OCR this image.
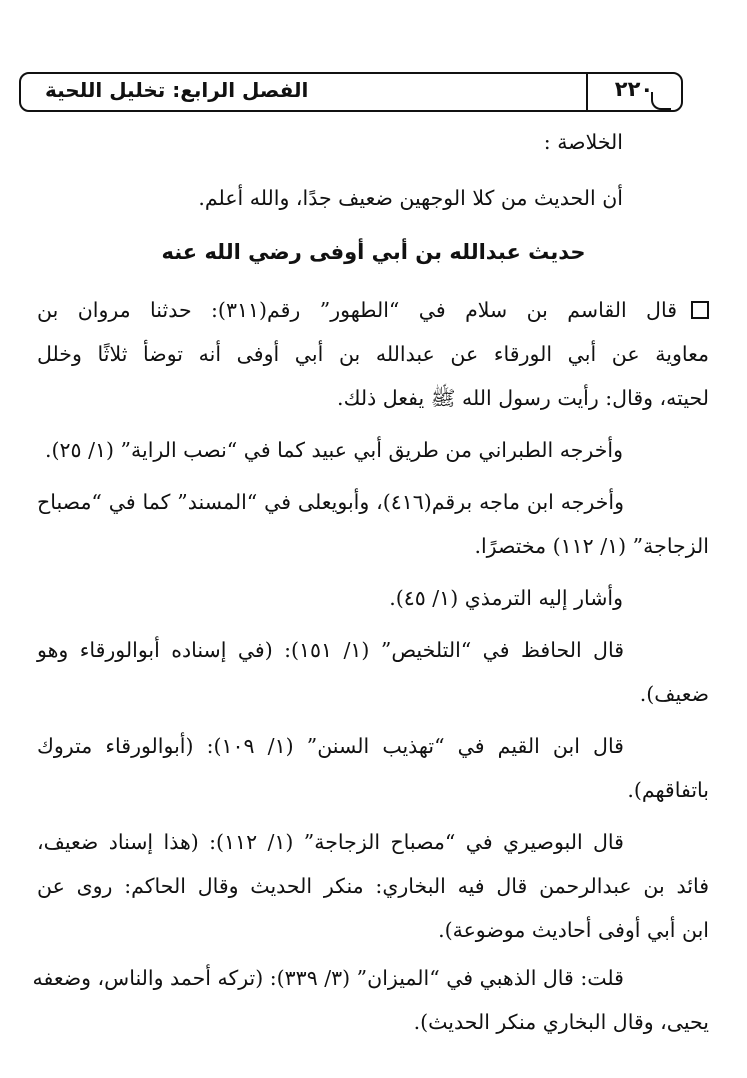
٢٢٠
الفصل الرابع: تخليل اللحية
الخلاصة :
أن الحديث من كلا الوجهين ضعيف جدًا، والله أعلم.
حديث عبدالله بن أبي أوفى رضي الله عنه
قال القاسم بن سلام في “الطهور” رقم(٣١١): حدثنا مروان بن
معاوية عن أبي الورقاء عن عبدالله بن أبي أوفى أنه توضأ ثلاثًا وخلل
لحيته، وقال: رأيت رسول الله ﷺ يفعل ذلك.
وأخرجه الطبراني من طريق أبي عبيد كما في “نصب الراية” (١/ ٢٥).
وأخرجه ابن ماجه برقم(٤١٦)، وأبويعلى في “المسند” كما في “مصباح
الزجاجة” (١/ ١١٢) مختصرًا.
وأشار إليه الترمذي (١/ ٤٥).
قال الحافظ في “التلخيص” (١/ ١٥١): (في إسناده أبوالورقاء وهو
ضعيف).
قال ابن القيم في “تهذيب السنن” (١/ ١٠٩): (أبوالورقاء متروك
باتفاقهم).
قال البوصيري في “مصباح الزجاجة” (١/ ١١٢): (هذا إسناد ضعيف،
فائد بن عبدالرحمن قال فيه البخاري: منكر الحديث وقال الحاكم: روى عن
ابن أبي أوفى أحاديث موضوعة).
قلت: قال الذهبي في “الميزان” (٣/ ٣٣٩): (تركه أحمد والناس، وضعفه
يحيى، وقال البخاري منكر الحديث).
